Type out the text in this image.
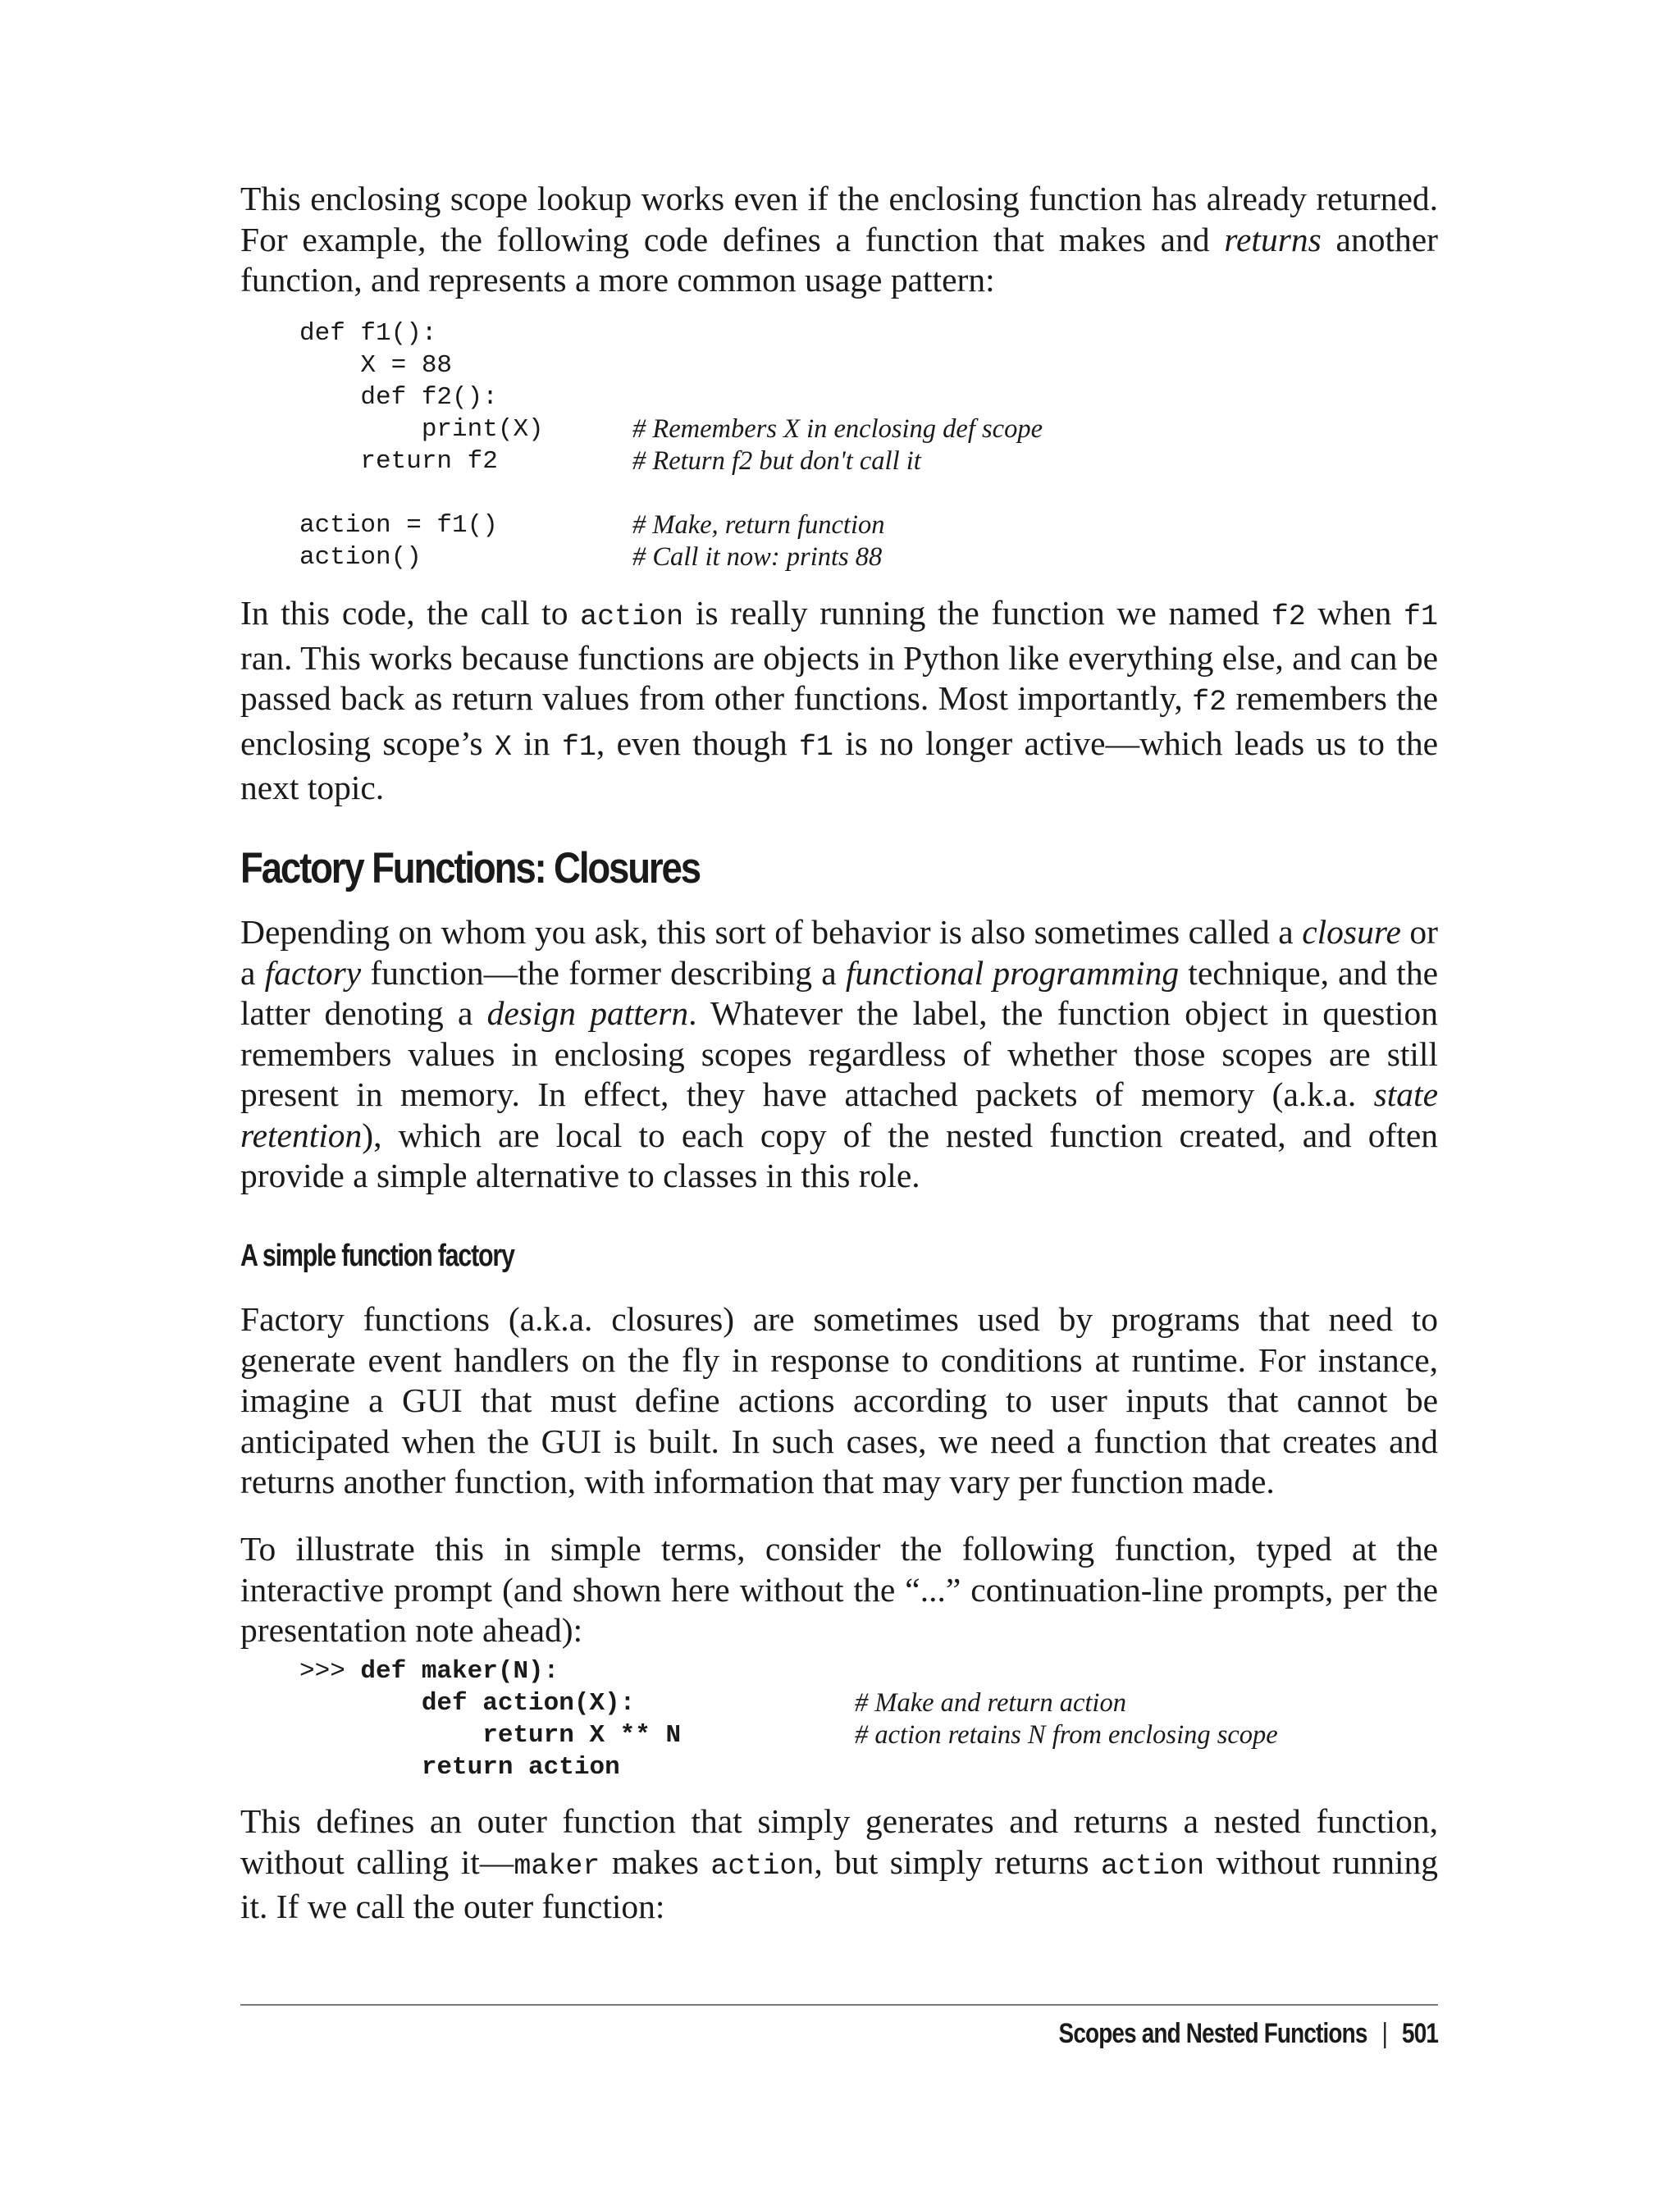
This enclosing scope lookup works even if the enclosing function has already returned. For example, the following code defines a function that makes and returns another function, and represents a more common usage pattern:

def f1():
X = 88
def f2():
print(X)	# Remembers X in enclosing def scope
return f2	# Return f2 but don't call it
action = f1()	# Make, return function
action()	# Call it now: prints 88

In this code, the call to action is really running the function we named f2 when f1 ran. This works because functions are objects in Python like everything else, and can be passed back as return values from other functions. Most importantly, f2 remembers the enclosing scope’s X in f1, even though f1 is no longer active—which leads us to the next topic.

Factory Functions: Closures

Depending on whom you ask, this sort of behavior is also sometimes called a closure or a factory function—the former describing a functional programming technique, and the latter denoting a design pattern. Whatever the label, the function object in question remembers values in enclosing scopes regardless of whether those scopes are still present in memory. In effect, they have attached packets of memory (a.k.a. state retention), which are local to each copy of the nested function created, and often provide a simple alternative to classes in this role.

A simple function factory

Factory functions (a.k.a. closures) are sometimes used by programs that need to generate event handlers on the fly in response to conditions at runtime. For instance, imagine a GUI that must define actions according to user inputs that cannot be anticipated when the GUI is built. In such cases, we need a function that creates and returns another function, with information that may vary per function made.

To illustrate this in simple terms, consider the following function, typed at the interactive prompt (and shown here without the “...” continuation-line prompts, per the presentation note ahead):

>>> def maker(N):
def action(X):	# Make and return action
return X ** N	# action retains N from enclosing scope
return action

This defines an outer function that simply generates and returns a nested function, without calling it—maker makes action, but simply returns action without running it. If we call the outer function:

Scopes and Nested Functions | 501
